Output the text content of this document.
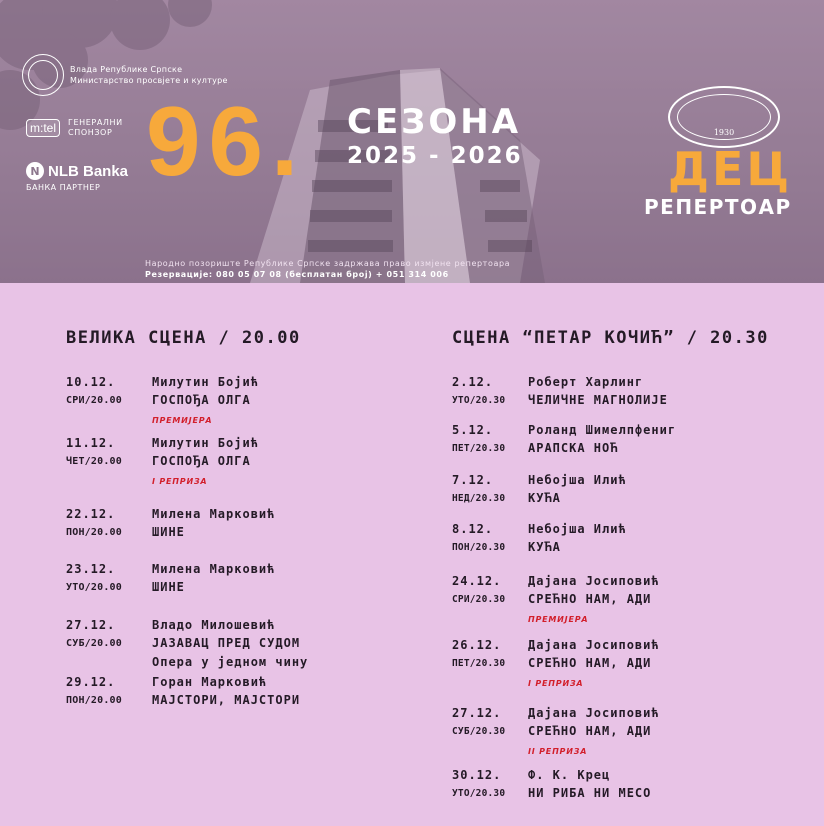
Влада Републике Српске
Министарство просвјете и културе
m:tel	ГЕНЕРАЛНИ
СПОНЗОР
N NLB Banka
БАНКА ПАРТНЕР 96. СЕЗОНА
2025 - 2026
1930
ДЕЦ
РЕПЕРТОАР
Народно позориште Републике Српске задржава право измјене репертоара
Резервације: 080 05 07 08 (бесплатан број) + 051 314 006
ВЕЛИКА СЦЕНА / 20.00
10.12.
СРИ/20.00
Милутин Бојић
ГОСПОЂА ОЛГА
ПРЕМИЈЕРА
11.12.
ЧЕТ/20.00
Милутин Бојић
ГОСПОЂА ОЛГА
I РЕПРИЗА
22.12.
ПОН/20.00
Милена Марковић
ШИНЕ
23.12.
УТО/20.00
Милена Марковић
ШИНЕ
27.12.
СУБ/20.00
Владо Милошевић
ЈАЗАВАЦ ПРЕД СУДОМ
Опера у једном чину
29.12.
ПОН/20.00
Горан Марковић
МАЈСТОРИ, МАЈСТОРИ
СЦЕНА “ПЕТАР КОЧИЋ” / 20.30
2.12.
УТО/20.30
Роберт Харлинг
ЧЕЛИЧНЕ МАГНОЛИЈЕ
5.12.
ПЕТ/20.30
Роланд Шимелпфениг
АРАПСКА НОЋ
7.12.
НЕД/20.30
Небојша Илић
КУЋА
8.12.
ПОН/20.30
Небојша Илић
КУЋА
24.12.
СРИ/20.30
Дајана Јосиповић
СРЕЋНО НАМ, АДИ
ПРЕМИЈЕРА
26.12.
ПЕТ/20.30
Дајана Јосиповић
СРЕЋНО НАМ, АДИ
I РЕПРИЗА
27.12.
СУБ/20.30
Дајана Јосиповић
СРЕЋНО НАМ, АДИ
II РЕПРИЗА
30.12.
УТО/20.30
Ф. К. Крец
НИ РИБА НИ МЕСО
